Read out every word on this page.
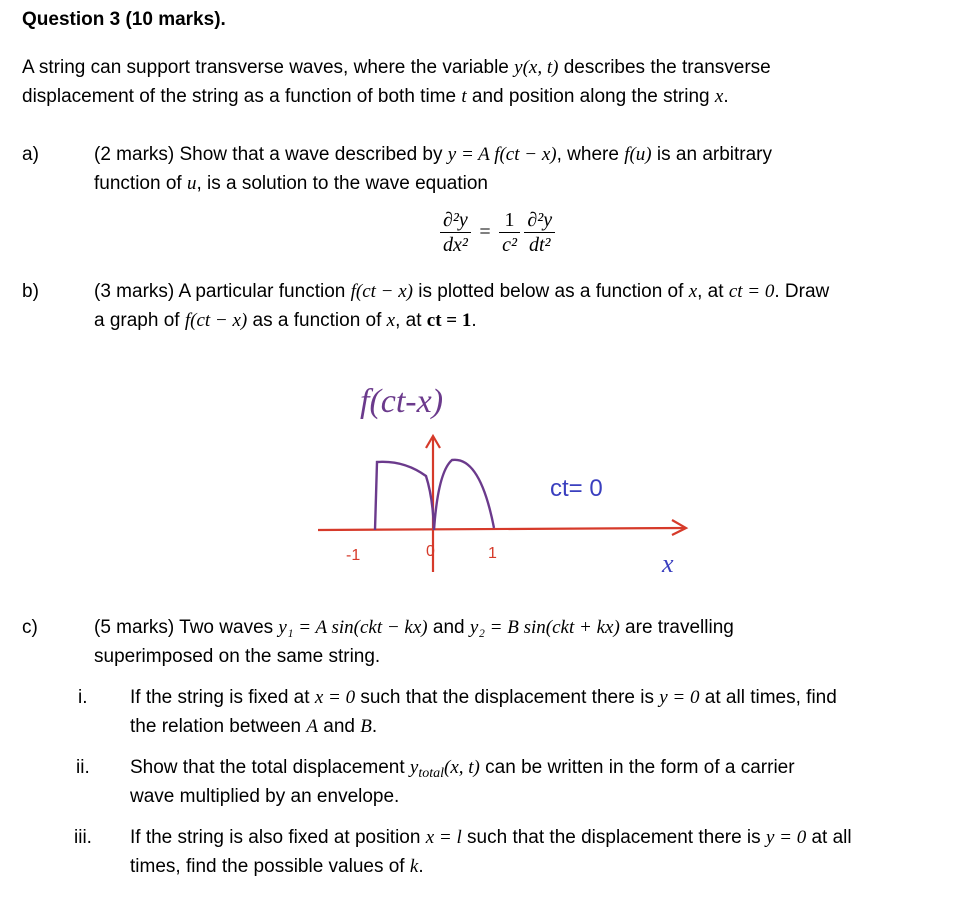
Question 3 (10 marks).
A string can support transverse waves, where the variable y(x, t) describes the transverse
displacement of the string as a function of both time t and position along the string x.
a)	(2 marks) Show that a wave described by y = A f(ct − x), where f(u) is an arbitrary
function of u, is a solution to the wave equation
$\frac{\text{∂²y}}{\text{dx²}} = \frac{1}{\text{c²}}$
$\frac{\text{∂²y}}{\text{dt²}}$
b)	(3 marks) A particular function f(ct − x) is plotted below as a function of x, at ct = 0. Draw
a graph of f(ct − x) as a function of x, at ct = 1.
f(ct-x)
-1	0	1
ct= 0
x
c)	(5 marks) Two waves y₁ = A sin(ckt − kx) and y₂ = B sin(ckt + kx) are travelling
superimposed on the same string.
i. If the string is fixed at x = 0 such that the displacement there is y = 0 at all times, find
the relation between A and B.
ii. Show that the total displacement $y_{total}(x$, t) can be written in the form of a carrier
wave multiplied by an envelope.
iii. If the string is also fixed at position x = l such that the displacement there is y = 0 at all
times, find the possible values of k.
